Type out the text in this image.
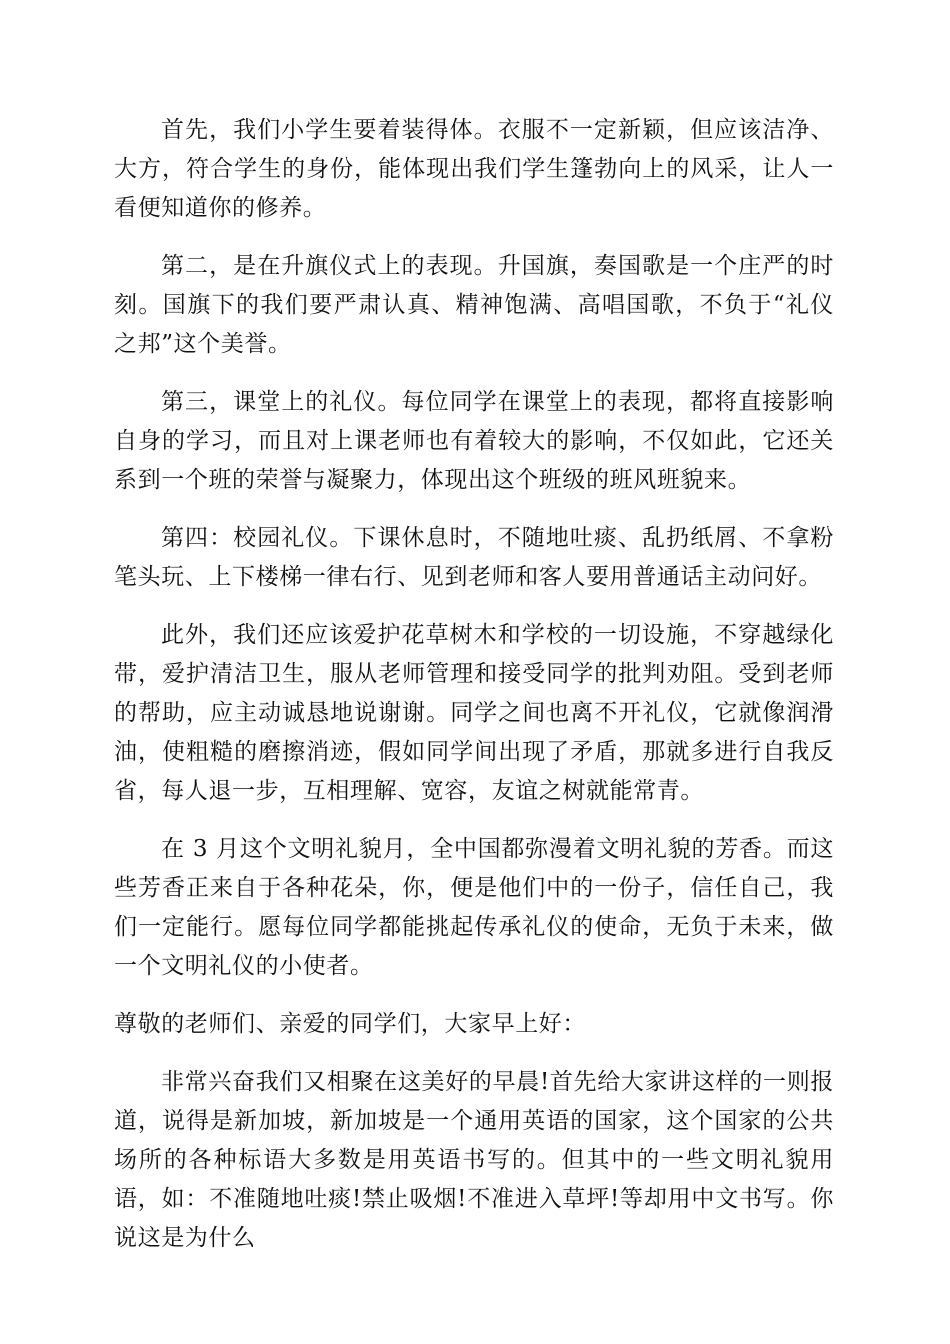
首先，我们小学生要着装得体。衣服不一定新颖，但应该洁净、大方，符合学生的身份，能体现出我们学生篷勃向上的风采，让人一看便知道你的修养。

第二，是在升旗仪式上的表现。升国旗，奏国歌是一个庄严的时刻。国旗下的我们要严肃认真、精神饱满、高唱国歌，不负于“礼仪之邦”这个美誉。

第三，课堂上的礼仪。每位同学在课堂上的表现，都将直接影响自身的学习，而且对上课老师也有着较大的影响，不仅如此，它还关系到一个班的荣誉与凝聚力，体现出这个班级的班风班貌来。

第四：校园礼仪。下课休息时，不随地吐痰、乱扔纸屑、不拿粉笔头玩、上下楼梯一律右行、见到老师和客人要用普通话主动问好。

此外，我们还应该爱护花草树木和学校的一切设施，不穿越绿化带，爱护清洁卫生，服从老师管理和接受同学的批判劝阻。受到老师的帮助，应主动诚恳地说谢谢。同学之间也离不开礼仪，它就像润滑油，使粗糙的磨擦消迹，假如同学间出现了矛盾，那就多进行自我反省，每人退一步，互相理解、宽容，友谊之树就能常青。

在 3 月这个文明礼貌月，全中国都弥漫着文明礼貌的芳香。而这些芳香正来自于各种花朵，你，便是他们中的一份子，信任自己，我们一定能行。愿每位同学都能挑起传承礼仪的使命，无负于未来，做一个文明礼仪的小使者。

尊敬的老师们、亲爱的同学们，大家早上好：

非常兴奋我们又相聚在这美好的早晨!首先给大家讲这样的一则报道，说得是新加坡，新加坡是一个通用英语的国家，这个国家的公共场所的各种标语大多数是用英语书写的。但其中的一些文明礼貌用语，如：不准随地吐痰!禁止吸烟!不准进入草坪!等却用中文书写。你说这是为什么
